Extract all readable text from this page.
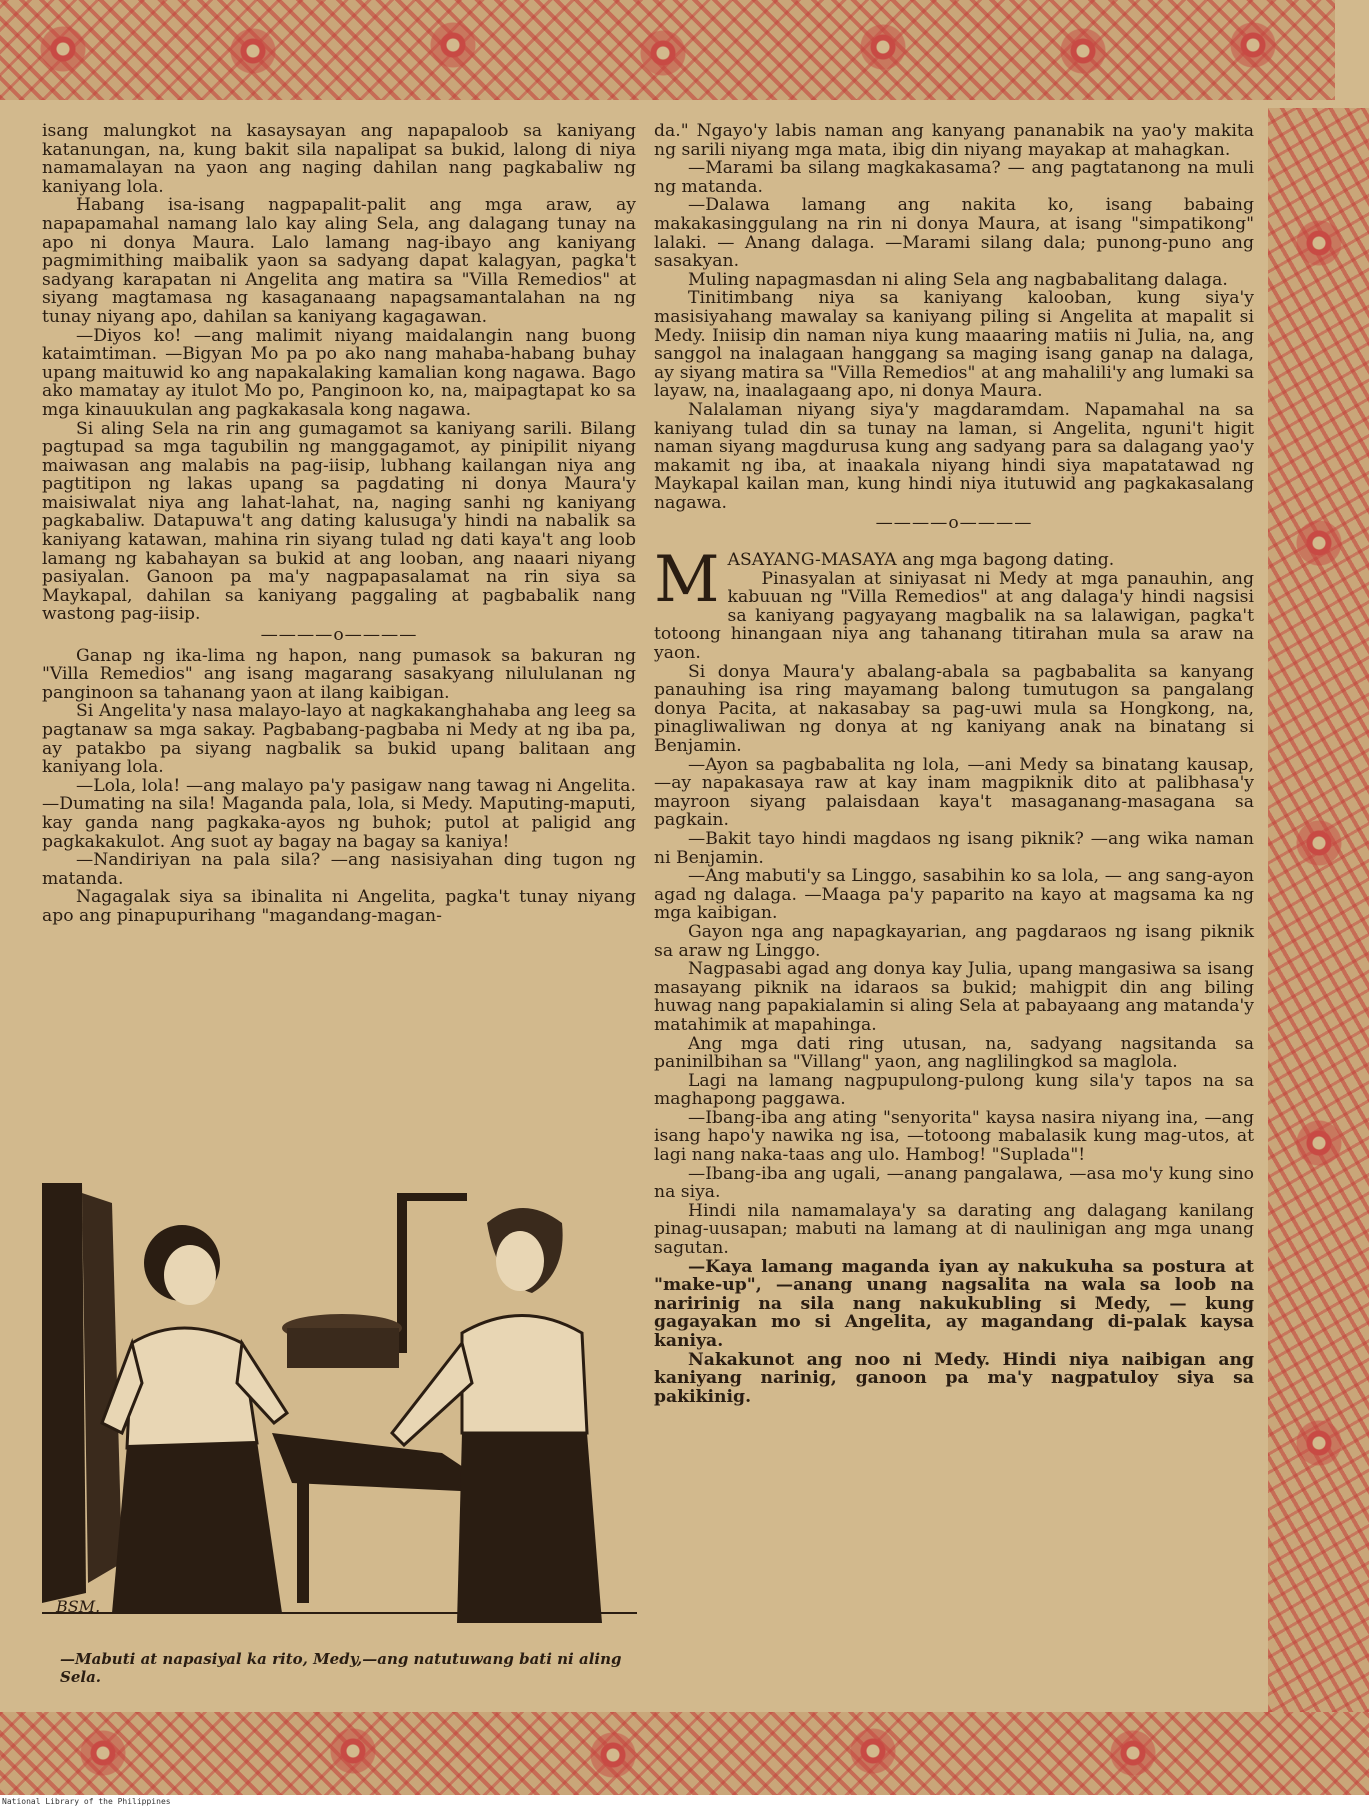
isang malungkot na kasaysayan ang napapaloob sa kaniyang katanungan, na, kung bakit sila napalipat sa bukid, lalong di niya namamalayan na yaon ang naging dahilan nang pagkabaliw ng kaniyang lola.

Habang isa-isang nagpapalit-palit ang mga araw, ay napapamahal namang lalo kay aling Sela, ang dalagang tunay na apo ni donya Maura. Lalo lamang nag-ibayo ang kaniyang pagmimithing maibalik yaon sa sadyang dapat kalagyan, pagka't sadyang karapatan ni Angelita ang matira sa "Villa Remedios" at siyang magtamasa ng kasaganaang napagsamantalahan na ng tunay niyang apo, dahilan sa kaniyang kagagawan.

—Diyos ko! —ang malimit niyang maidalangin nang buong kataimtiman. —Bigyan Mo pa po ako nang mahaba-habang buhay upang maituwid ko ang napakalaking kamalian kong nagawa. Bago ako mamatay ay itulot Mo po, Panginoon ko, na, maipagtapat ko sa mga kinauukulan ang pagkakasala kong nagawa.

Si aling Sela na rin ang gumagamot sa kaniyang sarili. Bilang pagtupad sa mga tagubilin ng manggagamot, ay pinipilit niyang maiwasan ang malabis na pag-iisip, lubhang kailangan niya ang pagtitipon ng lakas upang sa pagdating ni donya Maura'y maisiwalat niya ang lahat-lahat, na, naging sanhi ng kaniyang pagkabaliw. Datapuwa't ang dating kalusuga'y hindi na nabalik sa kaniyang katawan, mahina rin siyang tulad ng dati kaya't ang loob lamang ng kabahayan sa bukid at ang looban, ang naaari niyang pasiyalan. Ganoon pa ma'y nagpapasalamat na rin siya sa Maykapal, dahilan sa kaniyang paggaling at pagbabalik nang wastong pag-iisip.

————o————

Ganap ng ika-lima ng hapon, nang pumasok sa bakuran ng "Villa Remedios" ang isang magarang sasakyang nilululanan ng panginoon sa tahanang yaon at ilang kaibigan.

Si Angelita'y nasa malayo-layo at nagkakanghahaba ang leeg sa pagtanaw sa mga sakay. Pagbabang-pagbaba ni Medy at ng iba pa, ay patakbo pa siyang nagbalik sa bukid upang balitaan ang kaniyang lola.

—Lola, lola! —ang malayo pa'y pasigaw nang tawag ni Angelita. —Dumating na sila! Maganda pala, lola, si Medy. Maputing-maputi, kay ganda nang pagkaka-ayos ng buhok; putol at paligid ang pagkakakulot. Ang suot ay bagay na bagay sa kaniya!

—Nandiriyan na pala sila? —ang nasisiyahan ding tugon ng matanda.

Nagagalak siya sa ibinalita ni Angelita, pagka't tunay niyang apo ang pinapupurihang "magandang-magan-

BSM.
—Mabuti at napasiyal ka rito, Medy,—ang natutuwang bati ni aling Sela.

da." Ngayo'y labis naman ang kanyang pananabik na yao'y makita ng sarili niyang mga mata, ibig din niyang mayakap at mahagkan.

—Marami ba silang magkakasama? — ang pagtatanong na muli ng matanda.

—Dalawa lamang ang nakita ko, isang babaing makakasinggulang na rin ni donya Maura, at isang "simpatikong" lalaki. — Anang dalaga. —Marami silang dala; punong-puno ang sasakyan.

Muling napagmasdan ni aling Sela ang nagbabalitang dalaga.

Tinitimbang niya sa kaniyang kalooban, kung siya'y masisiyahang mawalay sa kaniyang piling si Angelita at mapalit si Medy. Iniisip din naman niya kung maaaring matiis ni Julia, na, ang sanggol na inalagaan hanggang sa maging isang ganap na dalaga, ay siyang matira sa "Villa Remedios" at ang mahalili'y ang lumaki sa layaw, na, inaalagaang apo, ni donya Maura.

Nalalaman niyang siya'y magdaramdam. Napamahal na sa kaniyang tulad din sa tunay na laman, si Angelita, nguni't higit naman siyang magdurusa kung ang sadyang para sa dalagang yao'y makamit ng iba, at inaakala niyang hindi siya mapatatawad ng Maykapal kailan man, kung hindi niya itutuwid ang pagkakasalang nagawa.

————o————

M ASAYANG-MASAYA ang mga bagong dating.

Pinasyalan at siniyasat ni Medy at mga panauhin, ang kabuuan ng "Villa Remedios" at ang dalaga'y hindi nagsisi sa kaniyang pagyayang magbalik na sa lalawigan, pagka't totoong hinangaan niya ang tahanang titirahan mula sa araw na yaon.

Si donya Maura'y abalang-abala sa pagbabalita sa kanyang panauhing isa ring mayamang balong tumutugon sa pangalang donya Pacita, at nakasabay sa pag-uwi mula sa Hongkong, na, pinagliwaliwan ng donya at ng kaniyang anak na binatang si Benjamin.

—Ayon sa pagbabalita ng lola, —ani Medy sa binatang kausap, —ay napakasaya raw at kay inam magpiknik dito at palibhasa'y mayroon siyang palaisdaan kaya't masaganang-masagana sa pagkain.

—Bakit tayo hindi magdaos ng isang piknik? —ang wika naman ni Benjamin.

—Ang mabuti'y sa Linggo, sasabihin ko sa lola, — ang sang-ayon agad ng dalaga. —Maaga pa'y paparito na kayo at magsama ka ng mga kaibigan.

Gayon nga ang napagkayarian, ang pagdaraos ng isang piknik sa araw ng Linggo.

Nagpasabi agad ang donya kay Julia, upang mangasiwa sa isang masayang piknik na idaraos sa bukid; mahigpit din ang biling huwag nang papakialamin si aling Sela at pabayaang ang matanda'y matahimik at mapahinga.

Ang mga dati ring utusan, na, sadyang nagsitanda sa paninilbihan sa "Villang" yaon, ang naglilingkod sa maglola.

Lagi na lamang nagpupulong-pulong kung sila'y tapos na sa maghapong paggawa.

—Ibang-iba ang ating "senyorita" kaysa nasira niyang ina, —ang isang hapo'y nawika ng isa, —totoong mabalasik kung mag-utos, at lagi nang naka-taas ang ulo. Hambog! "Suplada"!

—Ibang-iba ang ugali, —anang pangalawa, —asa mo'y kung sino na siya.

Hindi nila namamalaya'y sa darating ang dalagang kanilang pinag-uusapan; mabuti na lamang at di naulinigan ang mga unang sagutan.

—Kaya lamang maganda iyan ay nakukuha sa postura at "make-up", —anang unang nagsalita na wala sa loob na naririnig na sila nang nakukubling si Medy, — kung gagayakan mo si Angelita, ay magandang di-palak kaysa kaniya.

Nakakunot ang noo ni Medy. Hindi niya naibigan ang kaniyang narinig, ganoon pa ma'y nagpatuloy siya sa pakikinig.

National Library of the Philippines
